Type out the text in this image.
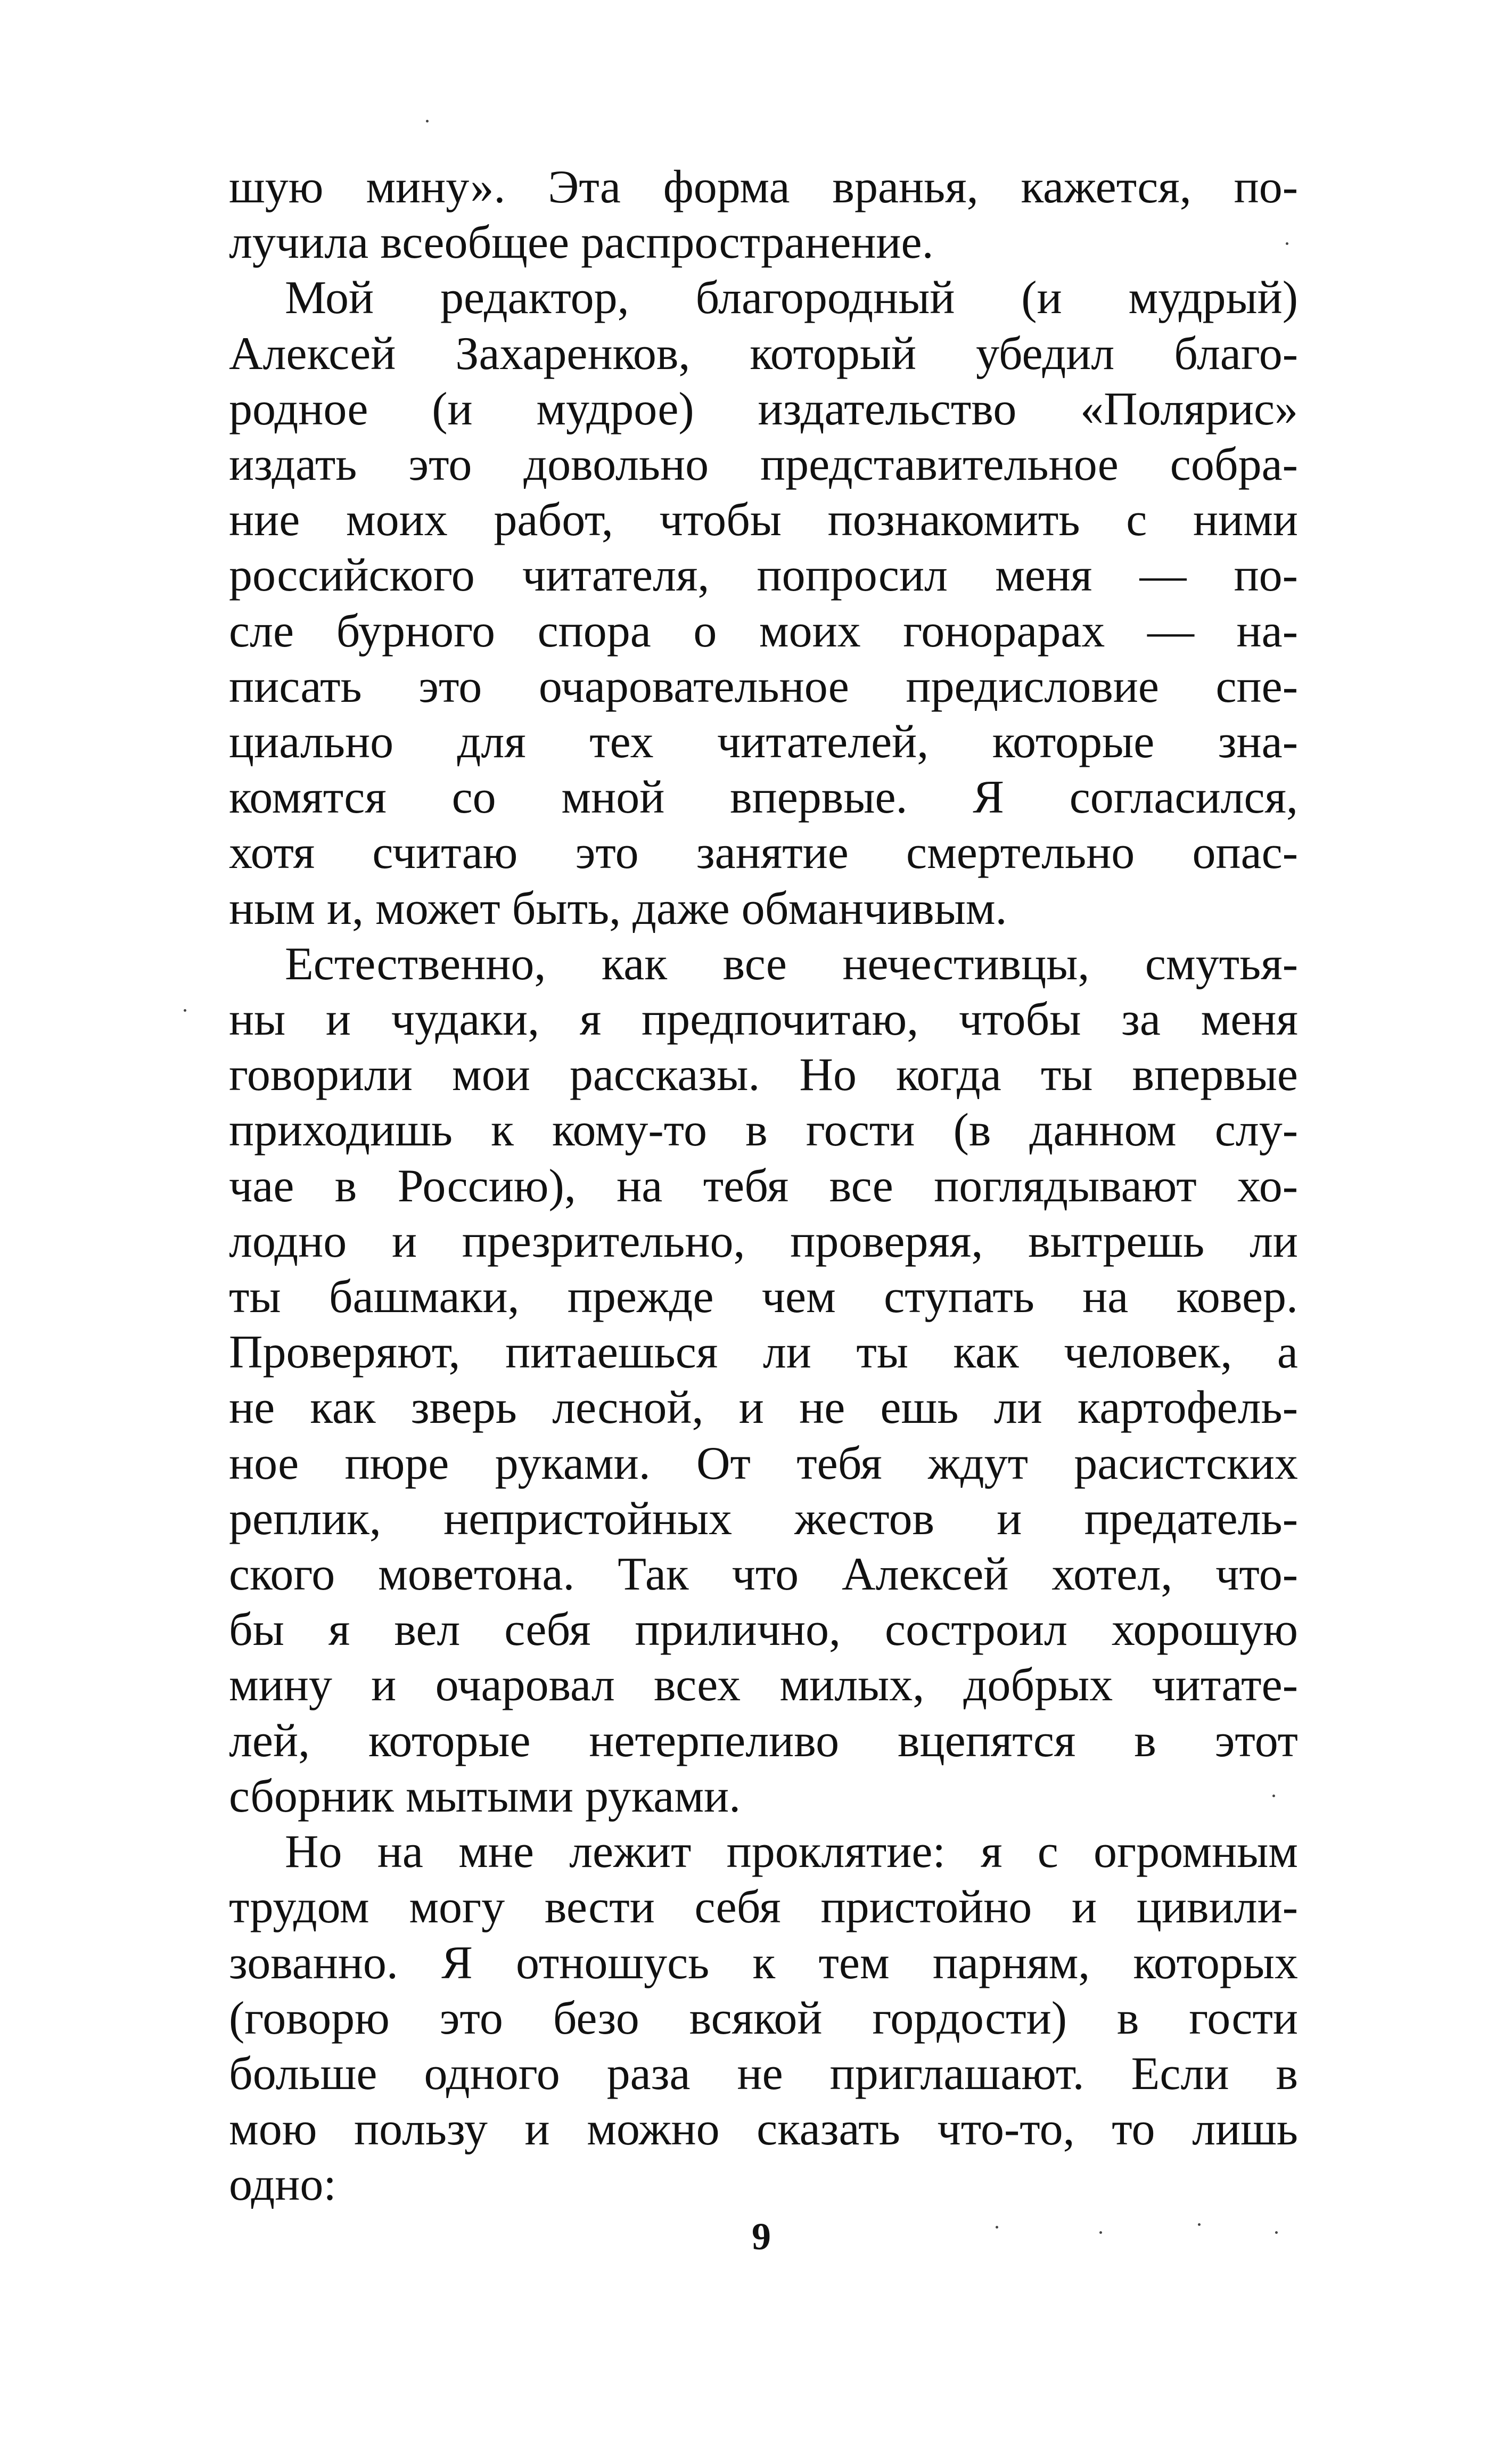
шую мину». Эта форма вранья, кажется, по-
лучила всеобщее распространение.

Мой редактор, благородный (и мудрый)
Алексей Захаренков, который убедил благо-
родное (и мудрое) издательство «Полярис»
издать это довольно представительное собра-
ние моих работ, чтобы познакомить с ними
российского читателя, попросил меня — по-
сле бурного спора о моих гонорарах — на-
писать это очаровательное предисловие спе-
циально для тех читателей, которые зна-
комятся со мной впервые. Я согласился,
хотя считаю это занятие смертельно опас-
ным и, может быть, даже обманчивым.

Естественно, как все нечестивцы, смутья-
ны и чудаки, я предпочитаю, чтобы за меня
говорили мои рассказы. Но когда ты впервые
приходишь к кому-то в гости (в данном слу-
чае в Россию), на тебя все поглядывают хо-
лодно и презрительно, проверяя, вытрешь ли
ты башмаки, прежде чем ступать на ковер.
Проверяют, питаешься ли ты как человек, а
не как зверь лесной, и не ешь ли картофель-
ное пюре руками. От тебя ждут расистских
реплик, непристойных жестов и предатель-
ского моветона. Так что Алексей хотел, что-
бы я вел себя прилично, состроил хорошую
мину и очаровал всех милых, добрых читате-
лей, которые нетерпеливо вцепятся в этот
сборник мытыми руками.

Но на мне лежит проклятие: я с огромным
трудом могу вести себя пристойно и цивили-
зованно. Я отношусь к тем парням, которых
(говорю это безо всякой гордости) в гости
больше одного раза не приглашают. Если в
мою пользу и можно сказать что-то, то лишь
одно:

9
